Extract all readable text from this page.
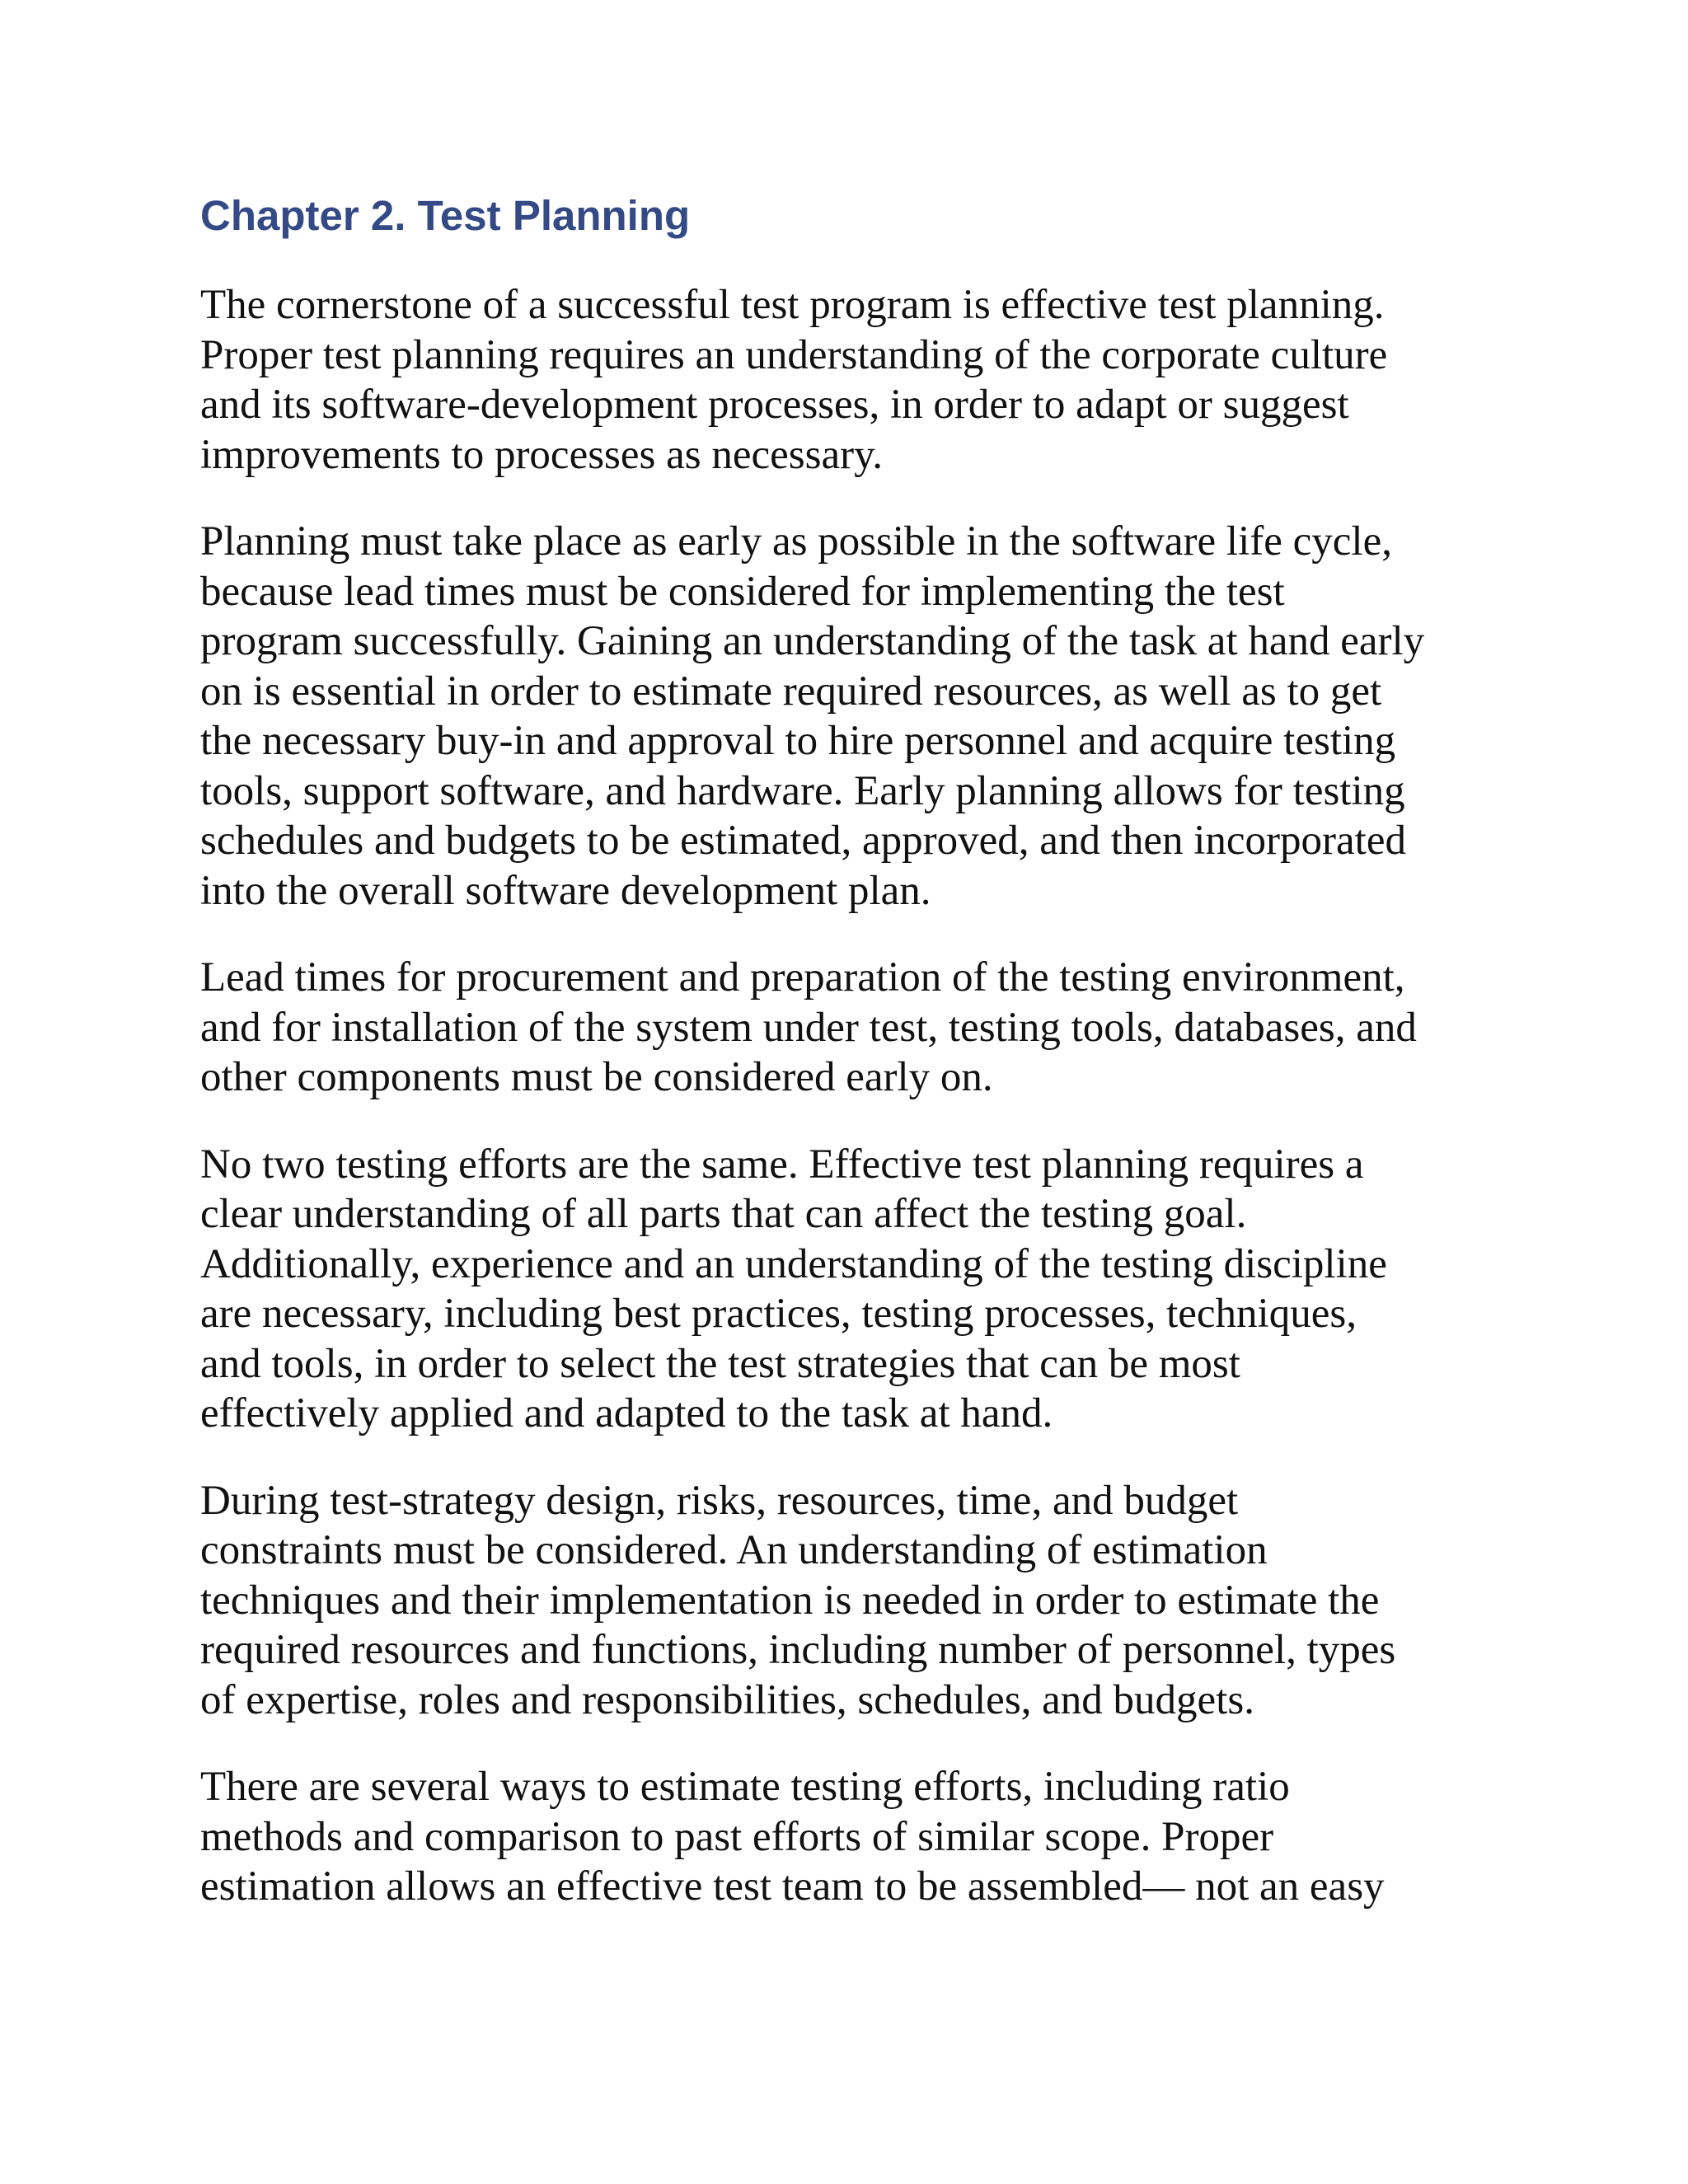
Chapter 2. Test Planning

The cornerstone of a successful test program is effective test planning.
Proper test planning requires an understanding of the corporate culture
and its software-development processes, in order to adapt or suggest
improvements to processes as necessary.

Planning must take place as early as possible in the software life cycle,
because lead times must be considered for implementing the test
program successfully. Gaining an understanding of the task at hand early
on is essential in order to estimate required resources, as well as to get
the necessary buy-in and approval to hire personnel and acquire testing
tools, support software, and hardware. Early planning allows for testing
schedules and budgets to be estimated, approved, and then incorporated
into the overall software development plan.

Lead times for procurement and preparation of the testing environment,
and for installation of the system under test, testing tools, databases, and
other components must be considered early on.

No two testing efforts are the same. Effective test planning requires a
clear understanding of all parts that can affect the testing goal.
Additionally, experience and an understanding of the testing discipline
are necessary, including best practices, testing processes, techniques,
and tools, in order to select the test strategies that can be most
effectively applied and adapted to the task at hand.

During test-strategy design, risks, resources, time, and budget
constraints must be considered. An understanding of estimation
techniques and their implementation is needed in order to estimate the
required resources and functions, including number of personnel, types
of expertise, roles and responsibilities, schedules, and budgets.

There are several ways to estimate testing efforts, including ratio
methods and comparison to past efforts of similar scope. Proper
estimation allows an effective test team to be assembled— not an easy
